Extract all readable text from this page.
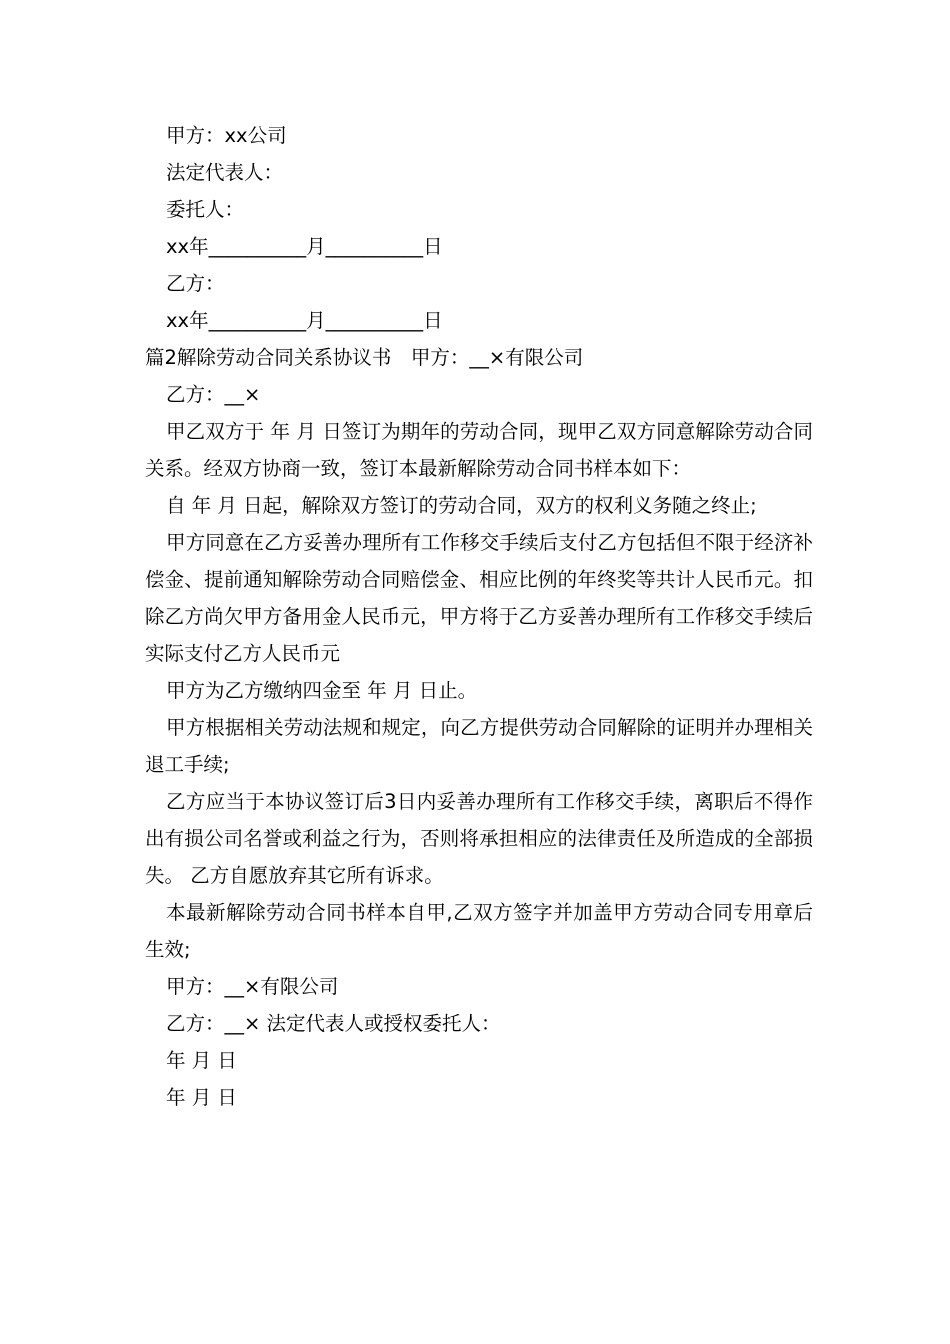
甲方：xx公司

法定代表人：

委托人：

xx年__________月__________日

乙方：

xx年__________月__________日

篇2解除劳动合同关系协议书　甲方：__×有限公司

乙方：__×

甲乙双方于 年 月 日签订为期年的劳动合同，现甲乙双方同意解除劳动合同关系。经双方协商一致，签订本最新解除劳动合同书样本如下：

自 年 月 日起，解除双方签订的劳动合同，双方的权利义务随之终止;

甲方同意在乙方妥善办理所有工作移交手续后支付乙方包括但不限于经济补偿金、提前通知解除劳动合同赔偿金、相应比例的年终奖等共计人民币元。扣除乙方尚欠甲方备用金人民币元，甲方将于乙方妥善办理所有工作移交手续后实际支付乙方人民币元

甲方为乙方缴纳四金至 年 月 日止。

甲方根据相关劳动法规和规定，向乙方提供劳动合同解除的证明并办理相关退工手续;

乙方应当于本协议签订后3日内妥善办理所有工作移交手续，离职后不得作出有损公司名誉或利益之行为，否则将承担相应的法律责任及所造成的全部损失。 乙方自愿放弃其它所有诉求。

本最新解除劳动合同书样本自甲,乙双方签字并加盖甲方劳动合同专用章后生效;

甲方：__×有限公司

乙方：__× 法定代表人或授权委托人：

年 月 日

年 月 日
